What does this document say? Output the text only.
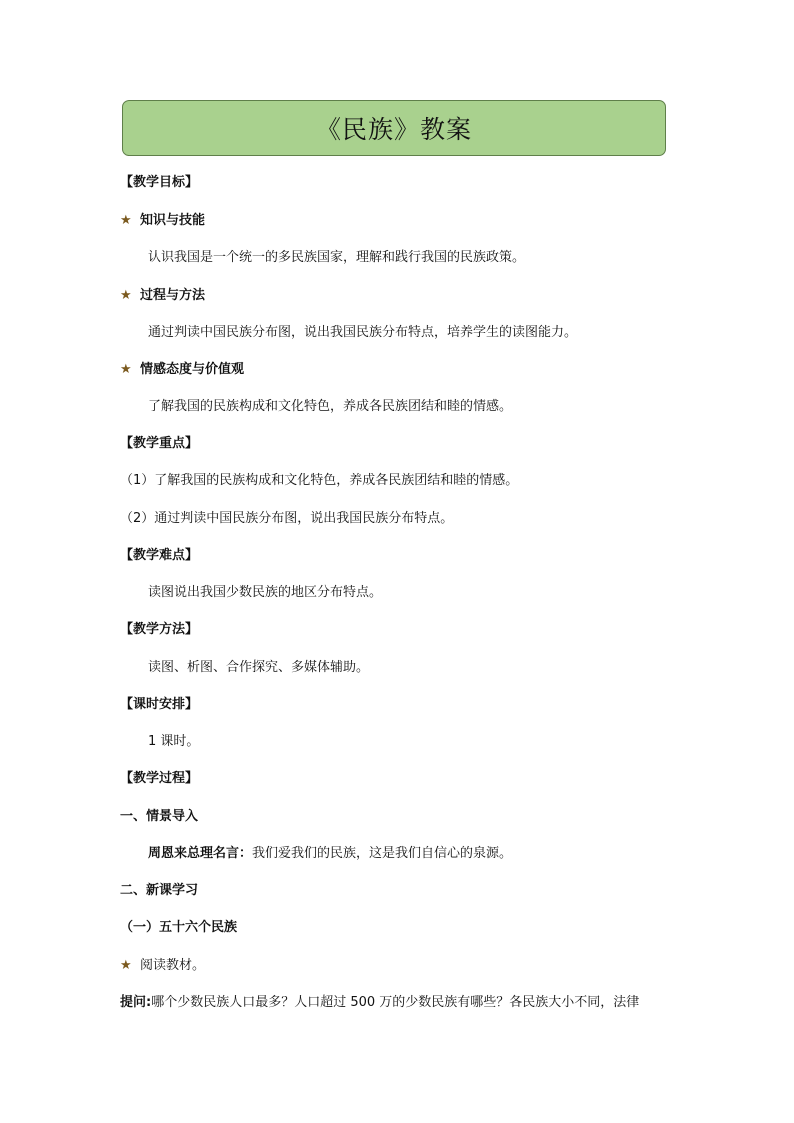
《民族》教案
【教学目标】
★ 知识与技能
认识我国是一个统一的多民族国家，理解和践行我国的民族政策。
★ 过程与方法
通过判读中国民族分布图，说出我国民族分布特点，培养学生的读图能力。
★ 情感态度与价值观
了解我国的民族构成和文化特色，养成各民族团结和睦的情感。
【教学重点】
（1）了解我国的民族构成和文化特色，养成各民族团结和睦的情感。
（2）通过判读中国民族分布图，说出我国民族分布特点。
【教学难点】
读图说出我国少数民族的地区分布特点。
【教学方法】
读图、析图、合作探究、多媒体辅助。
【课时安排】
1 课时。
【教学过程】
一、情景导入
周恩来总理名言：我们爱我们的民族，这是我们自信心的泉源。
二、新课学习
（一）五十六个民族
★ 阅读教材。
提问:哪个少数民族人口最多？人口超过 500 万的少数民族有哪些？各民族大小不同，法律
